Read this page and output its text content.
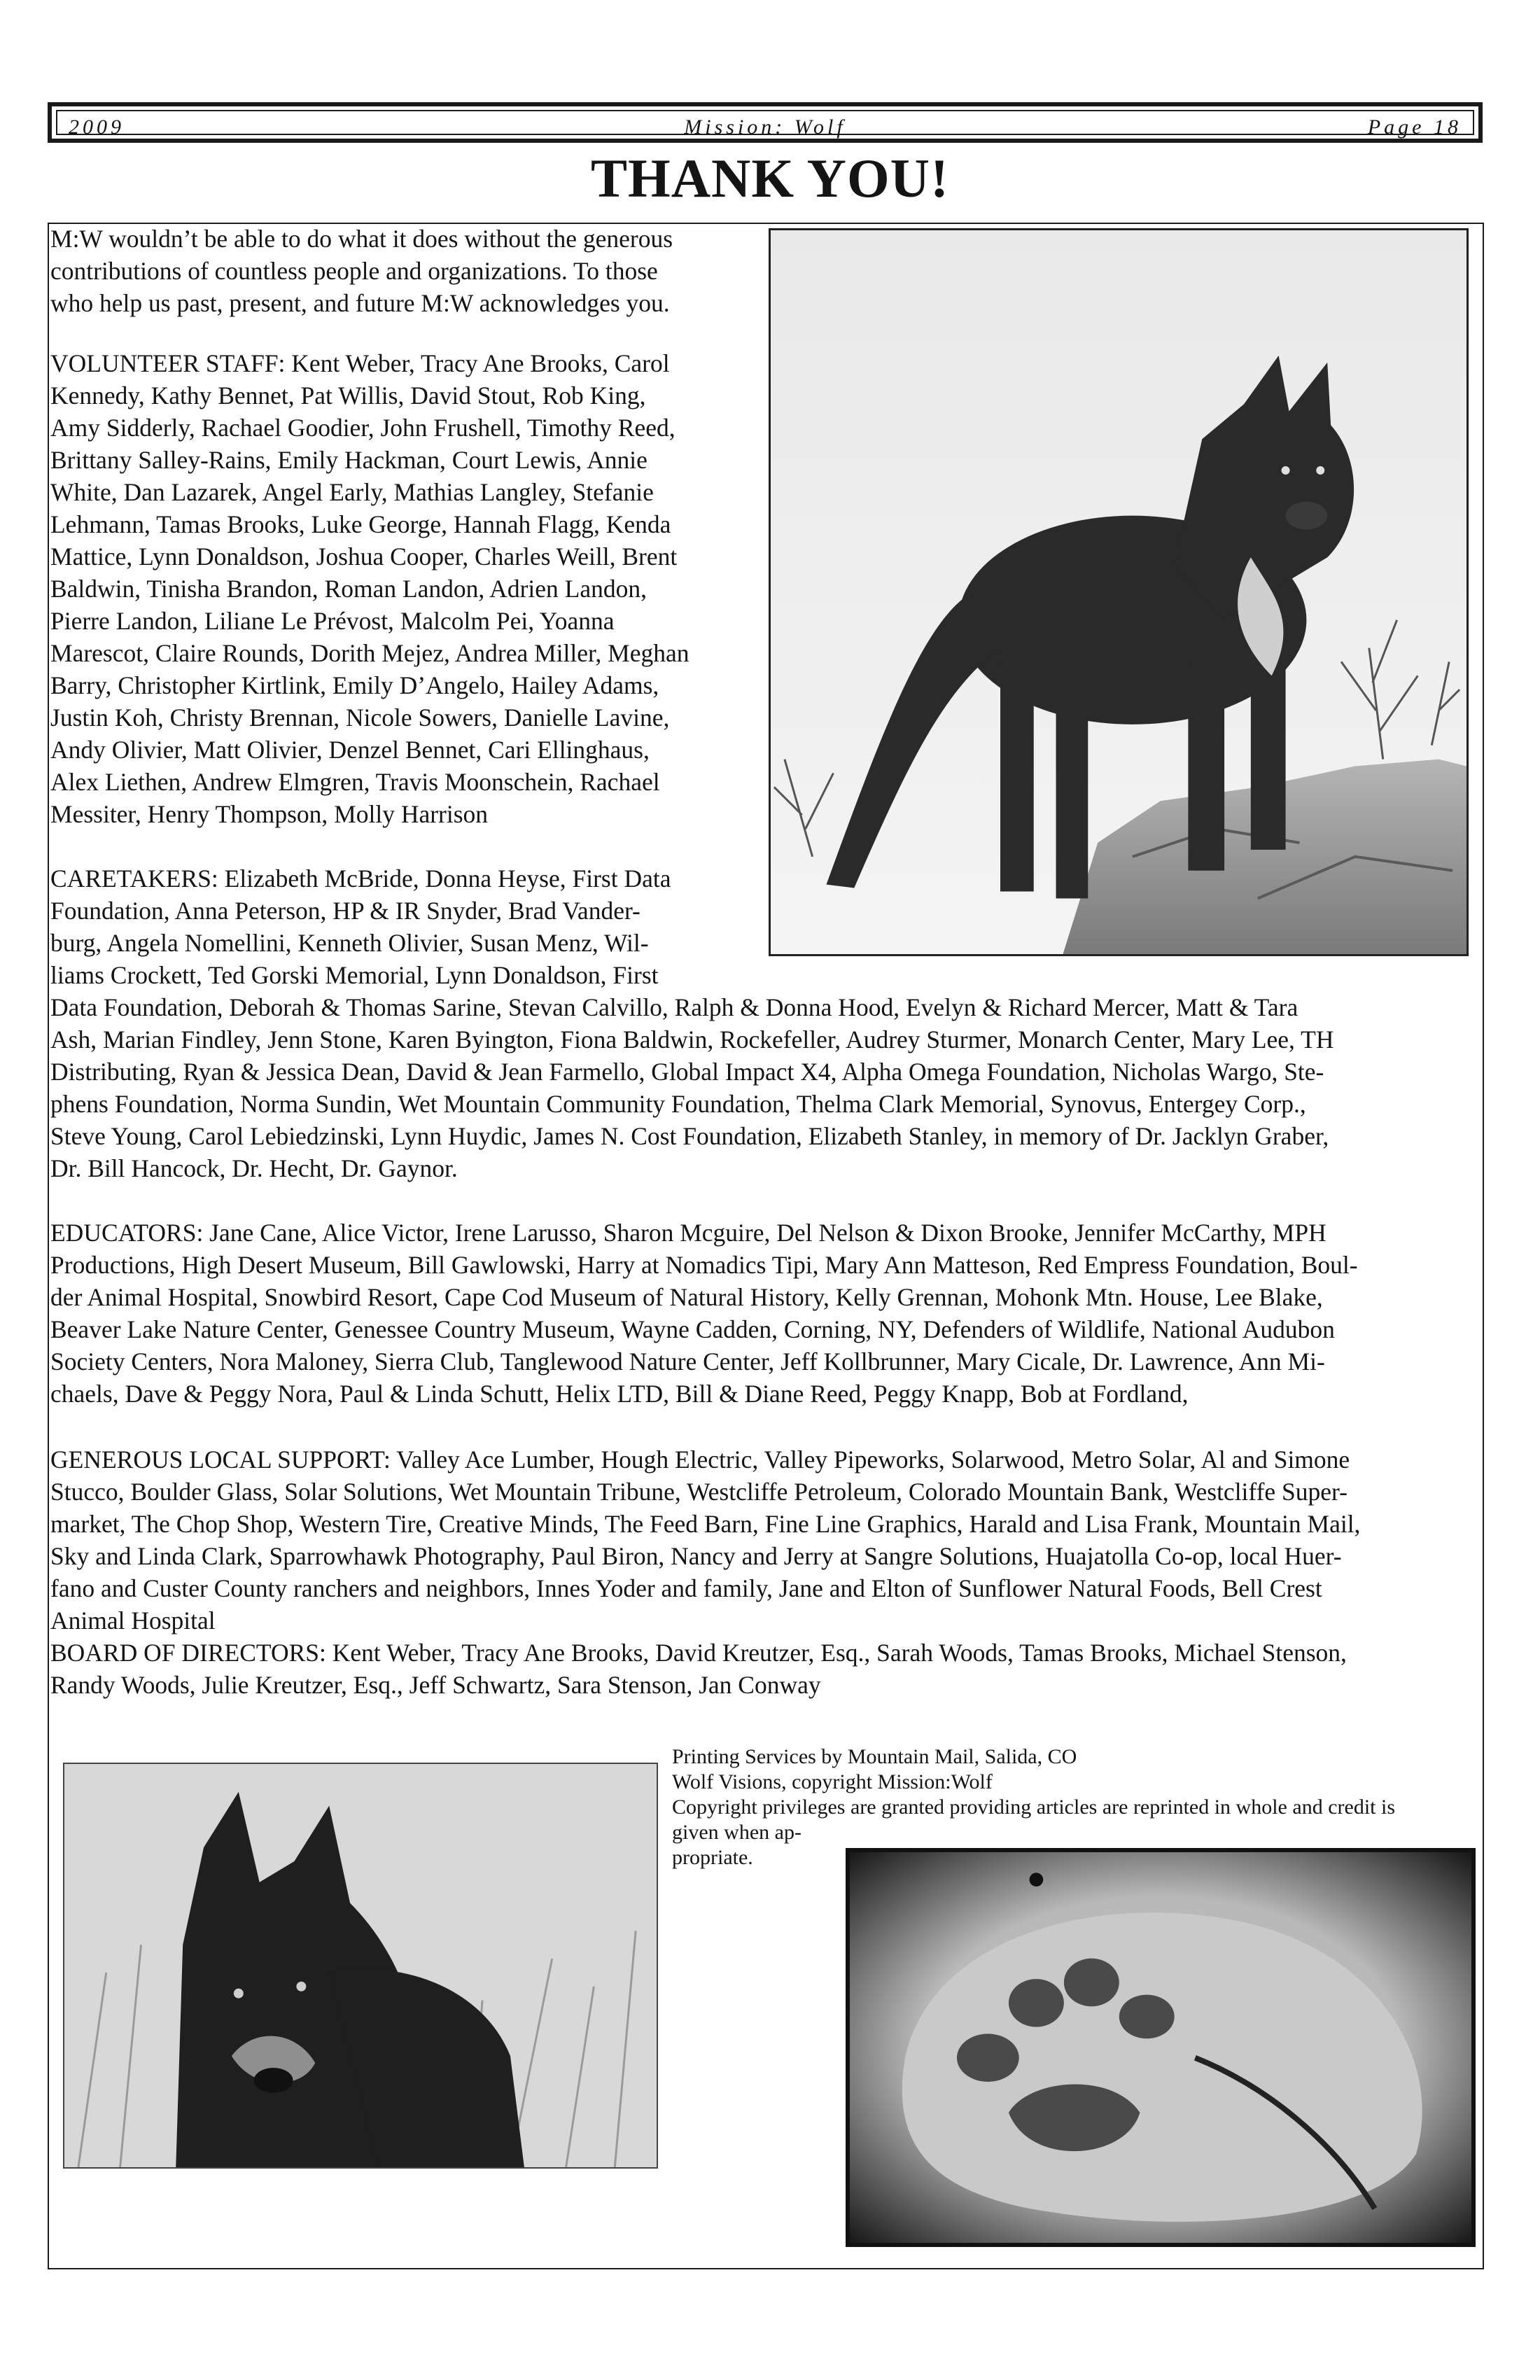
2009	Mission: Wolf	Page 18
THANK YOU!

M:W wouldn’t be able to do what it does without the generous

contributions of countless people and organizations. To those

who help us past, present, and future M:W acknowledges you.

VOLUNTEER STAFF: Kent Weber, Tracy Ane Brooks, Carol

Kennedy, Kathy Bennet, Pat Willis, David Stout, Rob King,

Amy Sidderly, Rachael Goodier, John Frushell, Timothy Reed,

Brittany Salley-Rains, Emily Hackman, Court Lewis, Annie

White, Dan Lazarek, Angel Early, Mathias Langley, Stefanie

Lehmann, Tamas Brooks, Luke George, Hannah Flagg, Kenda

Mattice, Lynn Donaldson, Joshua Cooper, Charles Weill, Brent

Baldwin, Tinisha Brandon, Roman Landon, Adrien Landon,

Pierre Landon, Liliane Le Prévost, Malcolm Pei, Yoanna

Marescot, Claire Rounds, Dorith Mejez, Andrea Miller, Meghan

Barry, Christopher Kirtlink, Emily D’Angelo, Hailey Adams,

Justin Koh, Christy Brennan, Nicole Sowers, Danielle Lavine,

Andy Olivier, Matt Olivier, Denzel Bennet, Cari Ellinghaus,

Alex Liethen, Andrew Elmgren, Travis Moonschein, Rachael

Messiter, Henry Thompson, Molly Harrison

CARETAKERS: Elizabeth McBride, Donna Heyse, First Data

Foundation, Anna Peterson, HP & IR Snyder, Brad Vander-

burg, Angela Nomellini, Kenneth Olivier, Susan Menz, Wil-

liams Crockett, Ted Gorski Memorial, Lynn Donaldson, First

Data Foundation, Deborah & Thomas Sarine, Stevan Calvillo, Ralph & Donna Hood, Evelyn & Richard Mercer, Matt & Tara

Ash, Marian Findley, Jenn Stone, Karen Byington, Fiona Baldwin, Rockefeller, Audrey Sturmer, Monarch Center, Mary Lee, TH

Distributing, Ryan & Jessica Dean, David & Jean Farmello, Global Impact X4, Alpha Omega Foundation, Nicholas Wargo, Ste-

phens Foundation, Norma Sundin, Wet Mountain Community Foundation, Thelma Clark Memorial, Synovus, Entergey Corp.,

Steve Young, Carol Lebiedzinski, Lynn Huydic, James N. Cost Foundation, Elizabeth Stanley, in memory of Dr. Jacklyn Graber,

Dr. Bill Hancock, Dr. Hecht, Dr. Gaynor.

EDUCATORS: Jane Cane, Alice Victor, Irene Larusso, Sharon Mcguire, Del Nelson & Dixon Brooke, Jennifer McCarthy, MPH

Productions, High Desert Museum, Bill Gawlowski, Harry at Nomadics Tipi, Mary Ann Matteson, Red Empress Foundation, Boul-

der Animal Hospital, Snowbird Resort, Cape Cod Museum of Natural History, Kelly Grennan, Mohonk Mtn. House, Lee Blake,

Beaver Lake Nature Center, Genessee Country Museum, Wayne Cadden, Corning, NY, Defenders of Wildlife, National Audubon

Society Centers, Nora Maloney, Sierra Club, Tanglewood Nature Center, Jeff Kollbrunner, Mary Cicale, Dr. Lawrence, Ann Mi-

chaels, Dave & Peggy Nora, Paul & Linda Schutt, Helix LTD, Bill & Diane Reed, Peggy Knapp, Bob at Fordland,

GENEROUS LOCAL SUPPORT: Valley Ace Lumber, Hough Electric, Valley Pipeworks, Solarwood, Metro Solar, Al and Simone

Stucco, Boulder Glass, Solar Solutions, Wet Mountain Tribune, Westcliffe Petroleum, Colorado Mountain Bank, Westcliffe Super-

market, The Chop Shop, Western Tire, Creative Minds, The Feed Barn, Fine Line Graphics, Harald and Lisa Frank, Mountain Mail,

Sky and Linda Clark, Sparrowhawk Photography, Paul Biron, Nancy and Jerry at Sangre Solutions, Huajatolla Co-op, local Huer-

fano and Custer County ranchers and neighbors, Innes Yoder and family, Jane and Elton of Sunflower Natural Foods, Bell Crest

Animal Hospital

BOARD OF DIRECTORS: Kent Weber, Tracy Ane Brooks, David Kreutzer, Esq., Sarah Woods, Tamas Brooks, Michael Stenson,

Randy Woods, Julie Kreutzer, Esq., Jeff Schwartz, Sara Stenson, Jan Conway

Printing Services by Mountain Mail, Salida, CO
Wolf Visions, copyright Mission:Wolf
Copyright privileges are granted providing articles are reprinted in whole and credit is
given when ap-
propriate.
